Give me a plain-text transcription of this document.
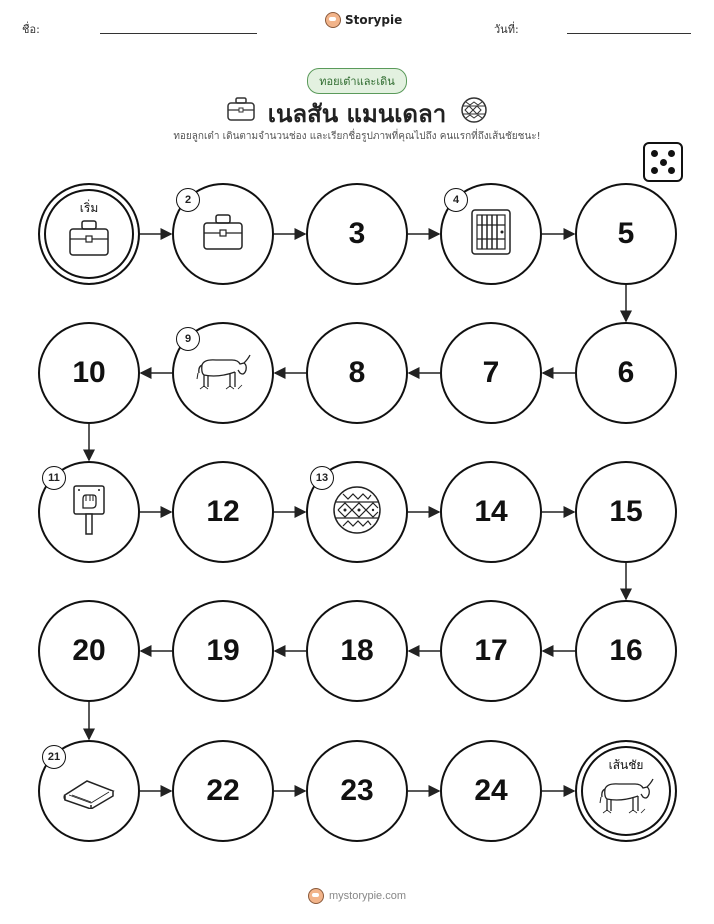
ชื่อ:
Storypie
วันที่:
ทอยเต๋าและเดิน
เนลสัน แมนเดลา
ทอยลูกเต๋า เดินตามจำนวนช่อง และเรียกชื่อรูปภาพที่คุณไปถึง คนแรกที่ถึงเส้นชัยชนะ!
เริ่ม
2
3
4
5
6
7
8
9
10
11
12
13
14	15
16
17
18
19
20
21
22	23	24
เส้นชัย
mystorypie.com
